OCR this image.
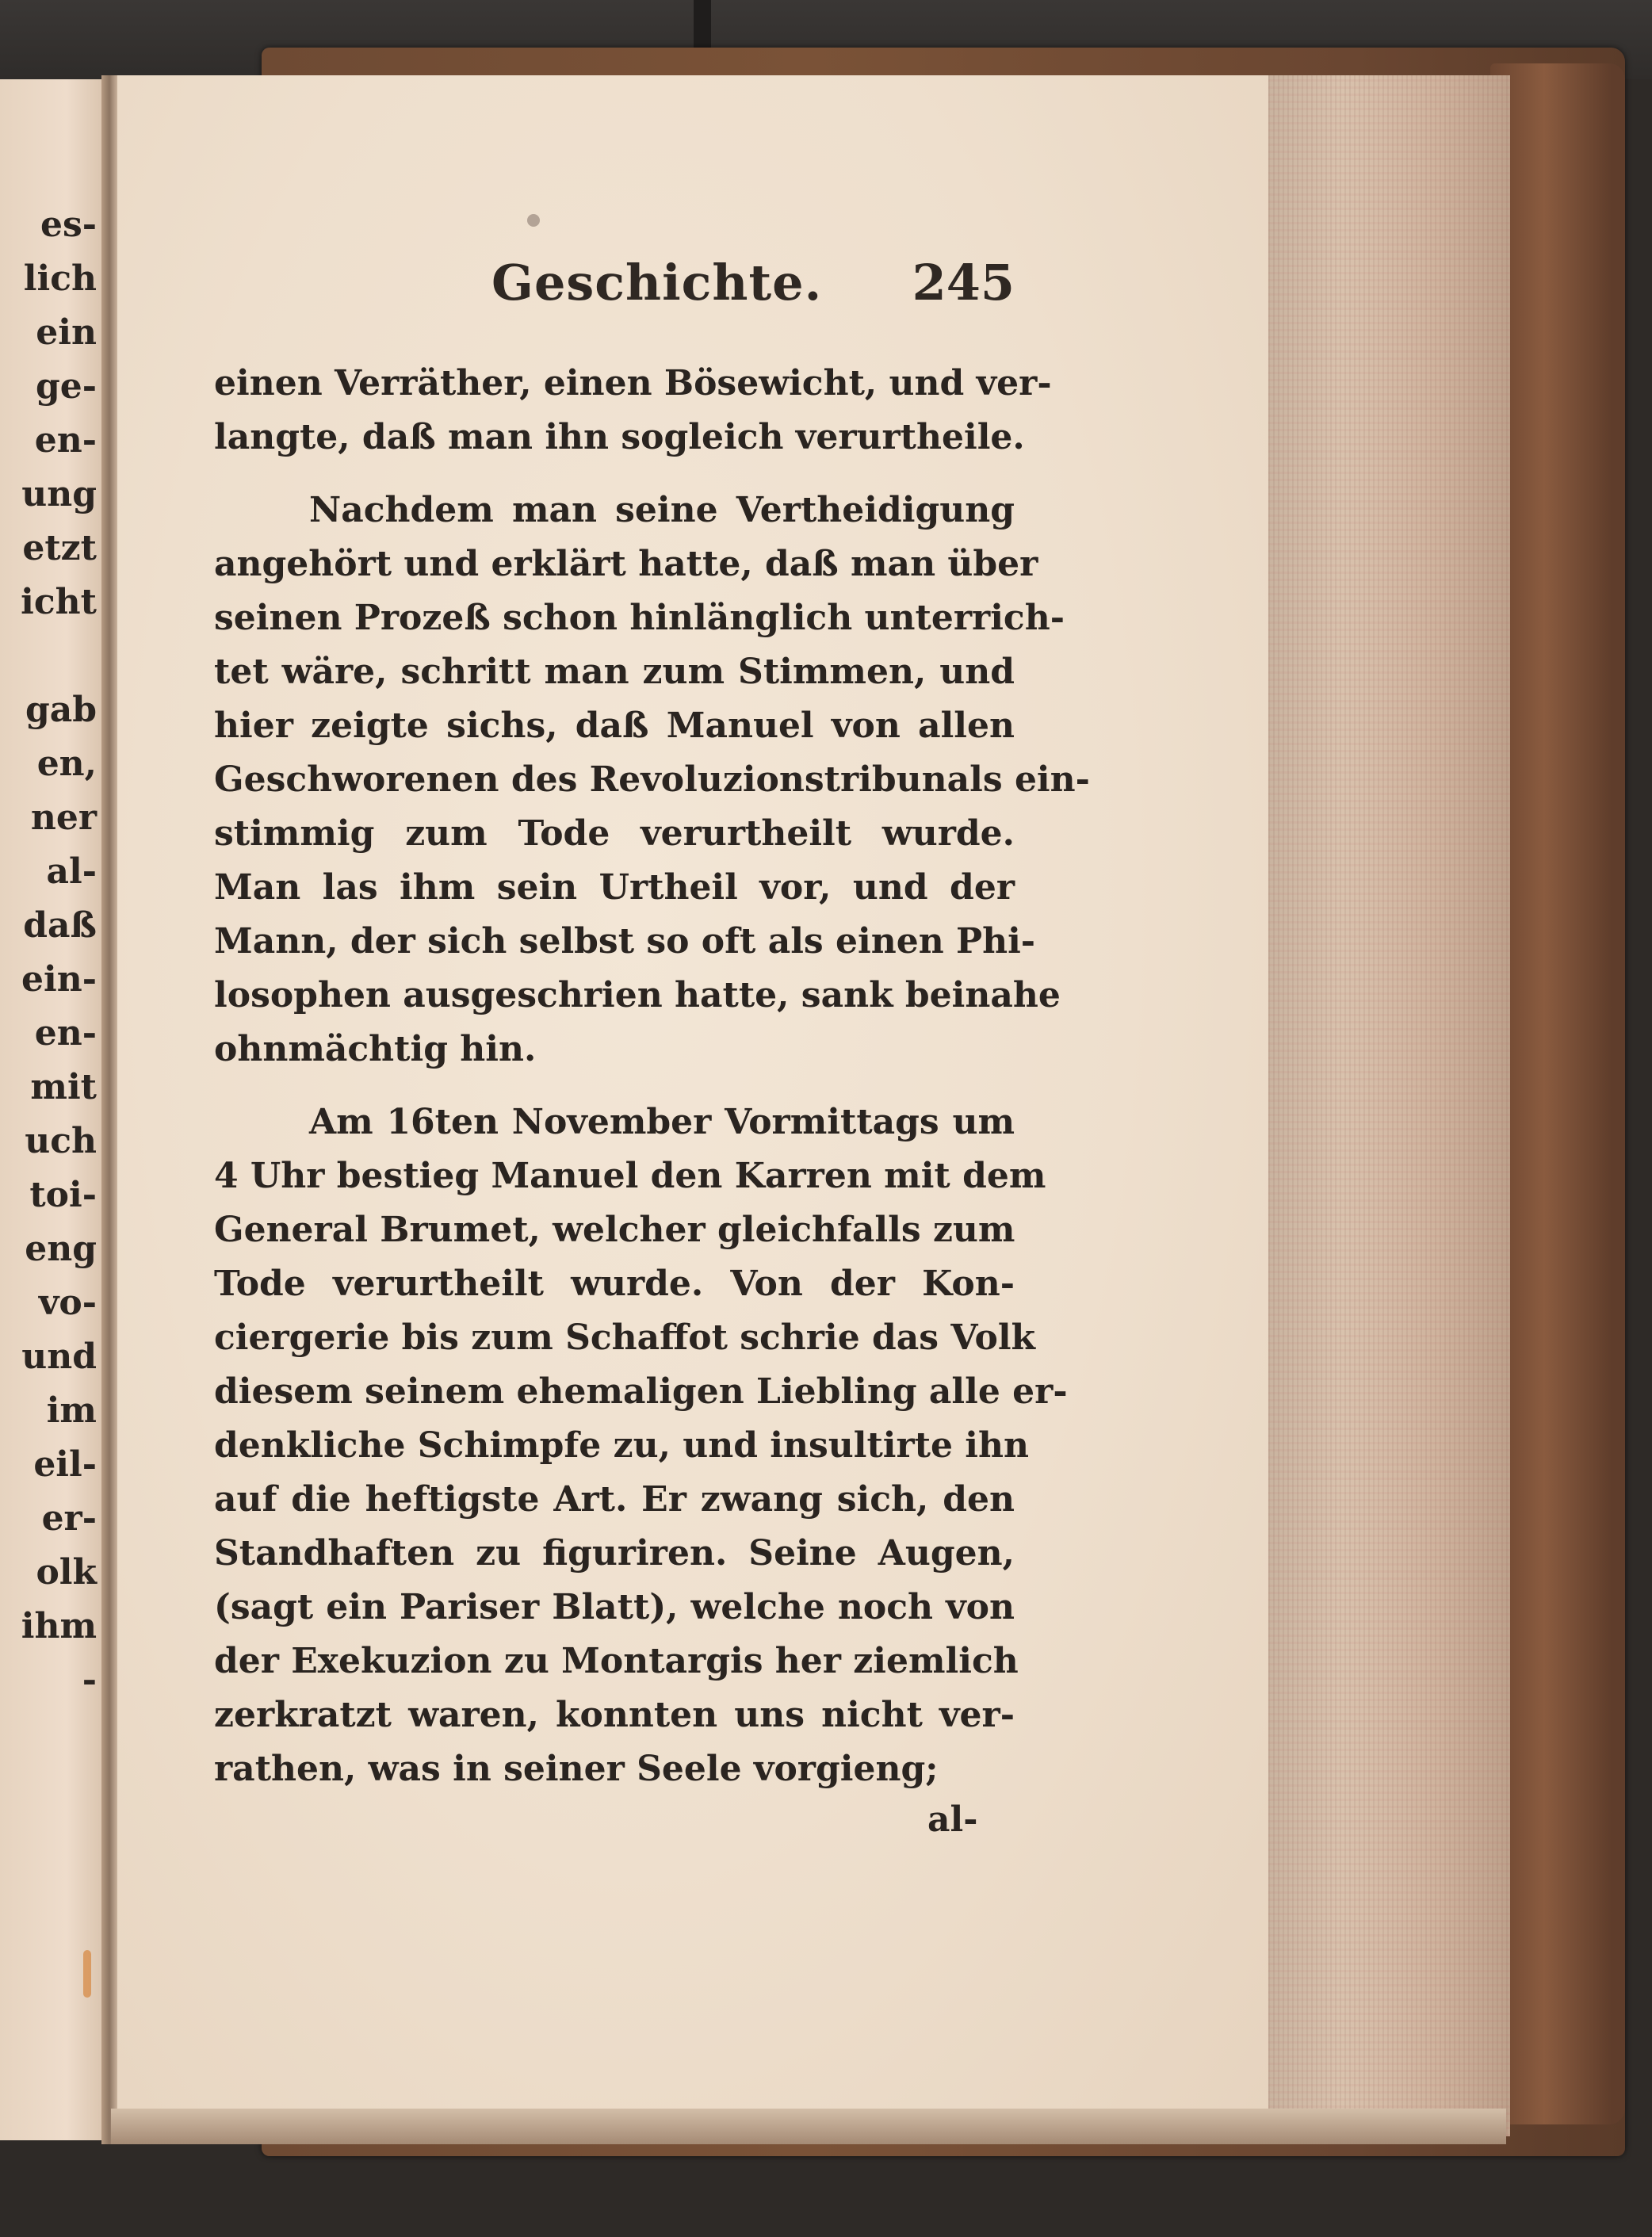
es-
lich
ein
ge-
en-
ung
etzt
icht
gab
en,
ner
al-
daß
ein-
en-
mit
uch
toi-
eng
vo-
und
im
eil-
er-
olk
ihm
-
Geschichte. 245
einen Verräther, einen Bösewicht, und ver-
langte, daß man ihn sogleich verurtheile.
Nachdem man seine Vertheidigung
angehört und erklärt hatte, daß man über
seinen Prozeß schon hinlänglich unterrich-
tet wäre, schritt man zum Stimmen, und
hier zeigte sichs, daß Manuel von allen
Geschworenen des Revoluzionstribunals ein-
stimmig zum Tode verurtheilt wurde.
Man las ihm sein Urtheil vor, und der
Mann, der sich selbst so oft als einen Phi-
losophen ausgeschrien hatte, sank beinahe
ohnmächtig hin.
Am 16ten November Vormittags um
4 Uhr bestieg Manuel den Karren mit dem
General Brumet, welcher gleichfalls zum
Tode verurtheilt wurde. Von der Kon-
ciergerie bis zum Schaffot schrie das Volk
diesem seinem ehemaligen Liebling alle er-
denkliche Schimpfe zu, und insultirte ihn
auf die heftigste Art. Er zwang sich, den
Standhaften zu figuriren. Seine Augen,
(sagt ein Pariser Blatt), welche noch von
der Exekuzion zu Montargis her ziemlich
zerkratzt waren, konnten uns nicht ver-
rathen, was in seiner Seele vorgieng;
al-
